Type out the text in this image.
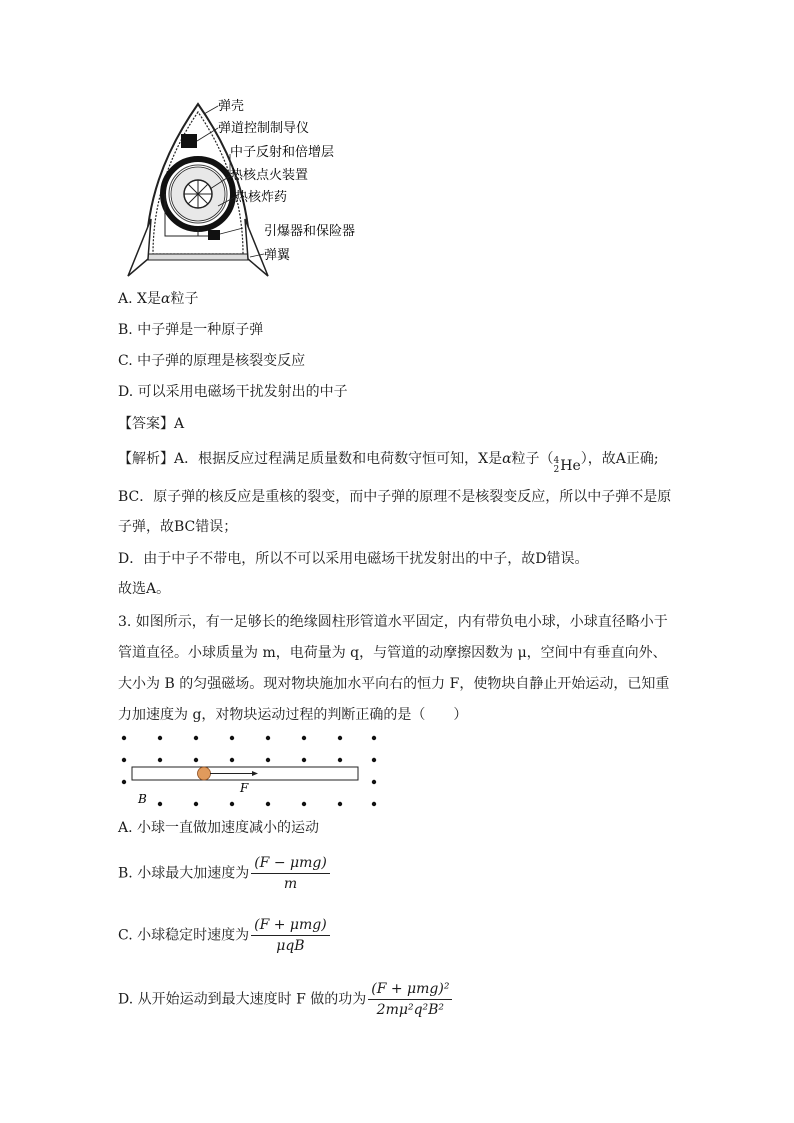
弹壳
弹道控制制导仪
中子反射和倍增层
热核点火装置
热核炸药
引爆器和保险器
弹翼
A. X是α粒子
B. 中子弹是一种原子弹
C. 中子弹的原理是核裂变反应
D. 可以采用电磁场干扰发射出的中子
【答案】A
【解析】A．根据反应过程满足质量数和电荷数守恒可知，X是α粒子（ 4
2 He ），故A正确;
BC．原子弹的核反应是重核的裂变，而中子弹的原理不是核裂变反应，所以中子弹不是原
子弹，故BC错误；
D．由于中子不带电，所以不可以采用电磁场干扰发射出的中子，故D错误。
故选A。
3. 如图所示，有一足够长的绝缘圆柱形管道水平固定，内有带负电小球，小球直径略小于
管道直径。小球质量为 m，电荷量为 q，与管道的动摩擦因数为 μ，空间中有垂直向外、
大小为 B 的匀强磁场。现对物块施加水平向右的恒力 F，使物块自静止开始运动，已知重
力加速度为 g，对物块运动过程的判断正确的是（　　）
B
F
A. 小球一直做加速度减小的运动
B. 小球最大加速度为 $\frac{\text{(F − μmg)}}{m}$
C. 小球稳定时速度为 $\frac{\text{(F + μmg)}}{\text{μqB}}$
D. 从开始运动到最大速度时 F 做的功为 $\frac{\text{(F + μmg)²}}{\text{2mμ²q²B²}}$
